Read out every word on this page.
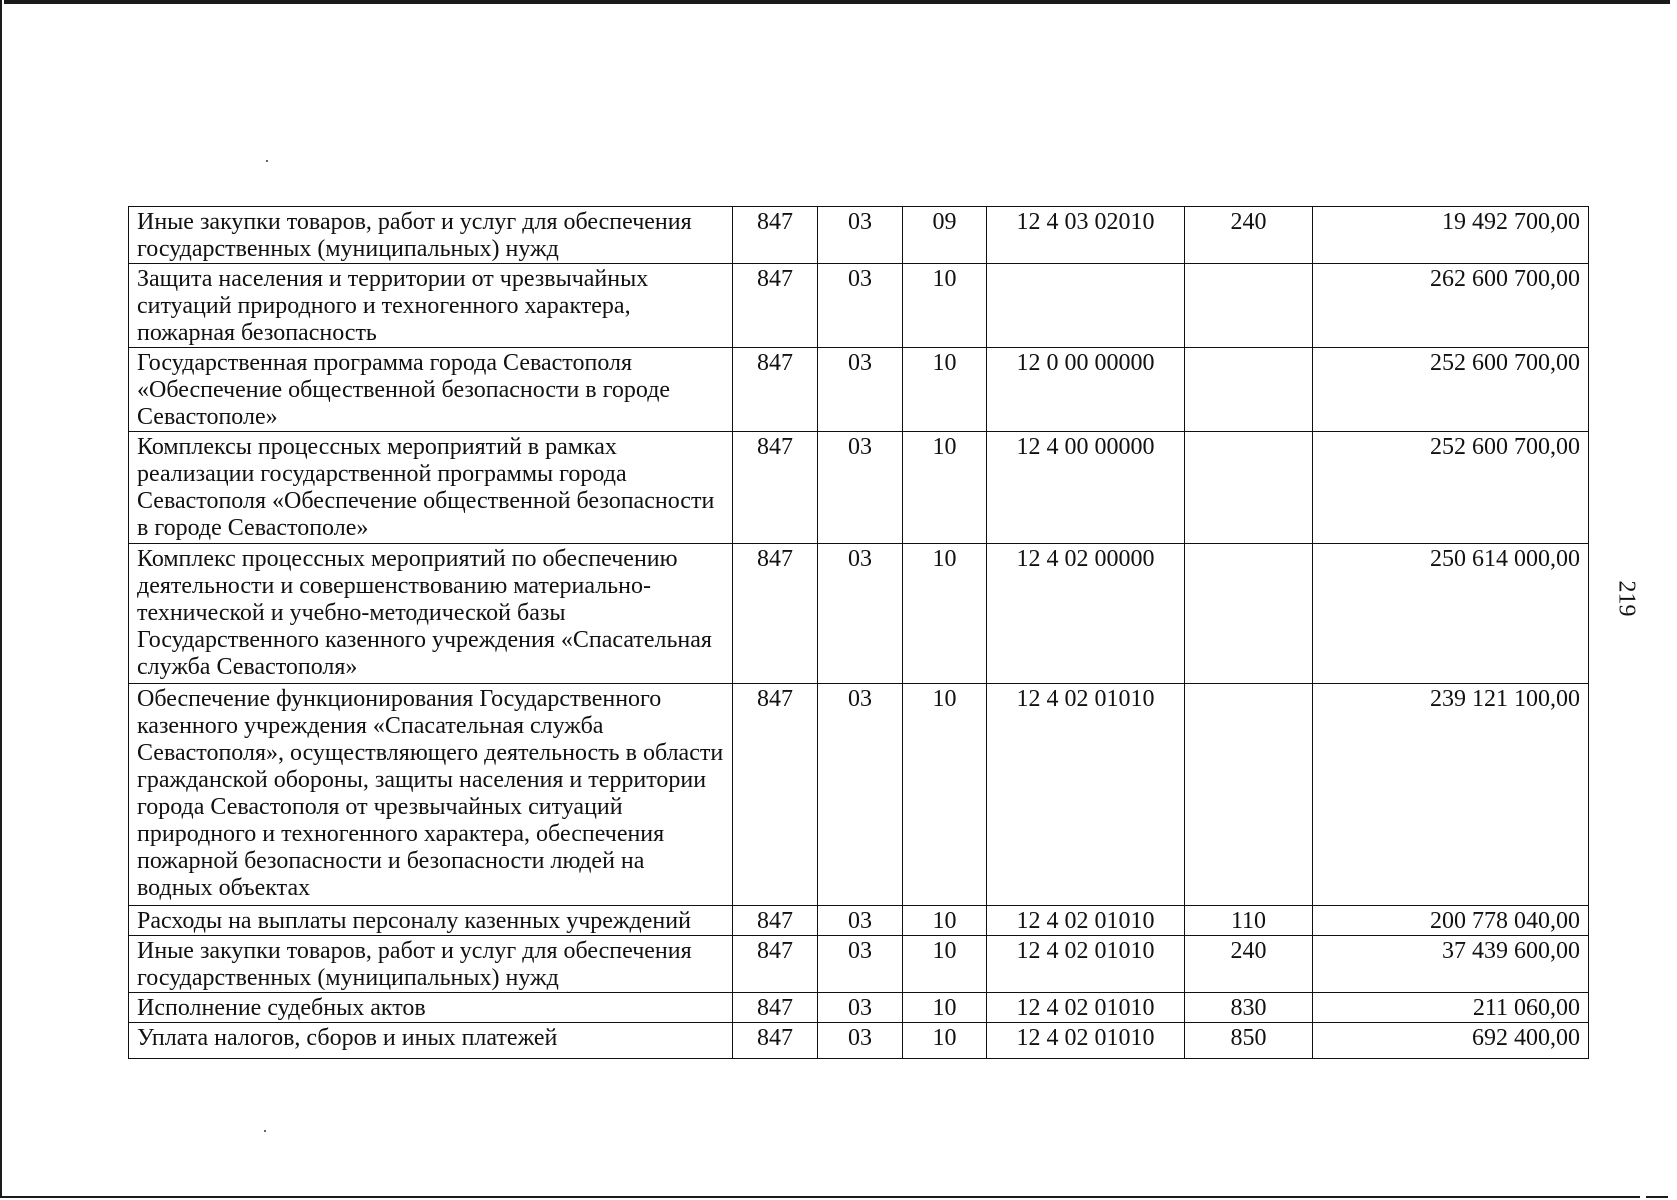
Иные закупки товаров, работ и услуг для обеспечения государственных (муниципальных) нужд	847	03	09	12 4 03 02010	240	19 492 700,00
Защита населения и территории от чрезвычайных ситуаций природного и техногенного характера, пожарная безопасность	847	03	10			262 600 700,00
Государственная программа города Севастополя «Обеспечение общественной безопасности в городе Севастополе»	847	03	10	12 0 00 00000		252 600 700,00
Комплексы процессных мероприятий в рамках реализации государственной программы города Севастополя «Обеспечение общественной безопасности в городе Севастополе»	847	03	10	12 4 00 00000		252 600 700,00
Комплекс процессных мероприятий по обеспечению деятельности и совершенствованию материально-технической и учебно-методической базы Государственного казенного учреждения «Спасательная служба Севастополя»	847	03	10	12 4 02 00000		250 614 000,00
Обеспечение функционирования Государственного казенного учреждения «Спасательная служба Севастополя», осуществляющего деятельность в области гражданской обороны, защиты населения и территории города Севастополя от чрезвычайных ситуаций природного и техногенного характера, обеспечения пожарной безопасности и безопасности людей на водных объектах	847	03	10	12 4 02 01010		239 121 100,00
Расходы на выплаты персоналу казенных учреждений	847	03	10	12 4 02 01010	110	200 778 040,00
Иные закупки товаров, работ и услуг для обеспечения государственных (муниципальных) нужд	847	03	10	12 4 02 01010	240	37 439 600,00
Исполнение судебных актов	847	03	10	12 4 02 01010	830	211 060,00
Уплата налогов, сборов и иных платежей	847	03	10	12 4 02 01010	850	692 400,00
219
